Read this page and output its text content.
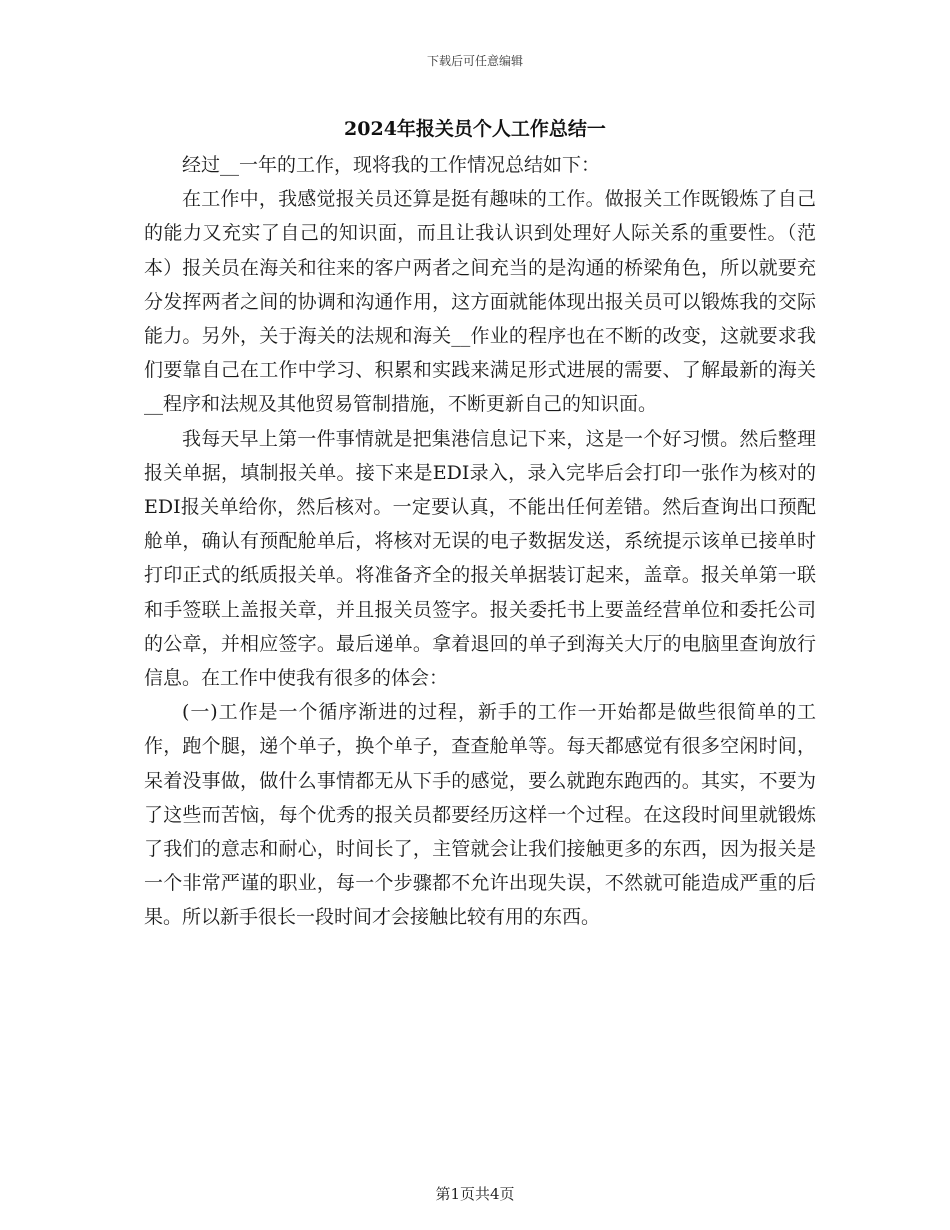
下载后可任意编辑
2024年报关员个人工作总结一

经过__一年的工作，现将我的工作情况总结如下：

在工作中，我感觉报关员还算是挺有趣味的工作。做报关工作既锻炼了自己的能力又充实了自己的知识面，而且让我认识到处理好人际关系的重要性。（范本）报关员在海关和往来的客户两者之间充当的是沟通的桥梁角色，所以就要充分发挥两者之间的协调和沟通作用，这方面就能体现出报关员可以锻炼我的交际能力。另外，关于海关的法规和海关__作业的程序也在不断的改变，这就要求我们要靠自己在工作中学习、积累和实践来满足形式进展的需要、了解最新的海关__程序和法规及其他贸易管制措施，不断更新自己的知识面。

我每天早上第一件事情就是把集港信息记下来，这是一个好习惯。然后整理报关单据，填制报关单。接下来是EDI录入，录入完毕后会打印一张作为核对的EDI报关单给你，然后核对。一定要认真，不能出任何差错。然后查询出口预配舱单，确认有预配舱单后，将核对无误的电子数据发送，系统提示该单已接单时打印正式的纸质报关单。将准备齐全的报关单据装订起来，盖章。报关单第一联和手签联上盖报关章，并且报关员签字。报关委托书上要盖经营单位和委托公司的公章，并相应签字。最后递单。拿着退回的单子到海关大厅的电脑里查询放行信息。在工作中使我有很多的体会：

(一)工作是一个循序渐进的过程，新手的工作一开始都是做些很简单的工作，跑个腿，递个单子，换个单子，查查舱单等。每天都感觉有很多空闲时间，呆着没事做，做什么事情都无从下手的感觉，要么就跑东跑西的。其实，不要为了这些而苦恼，每个优秀的报关员都要经历这样一个过程。在这段时间里就锻炼了我们的意志和耐心，时间长了，主管就会让我们接触更多的东西，因为报关是一个非常严谨的职业，每一个步骤都不允许出现失误，不然就可能造成严重的后果。所以新手很长一段时间才会接触比较有用的东西。

第1页共4页
